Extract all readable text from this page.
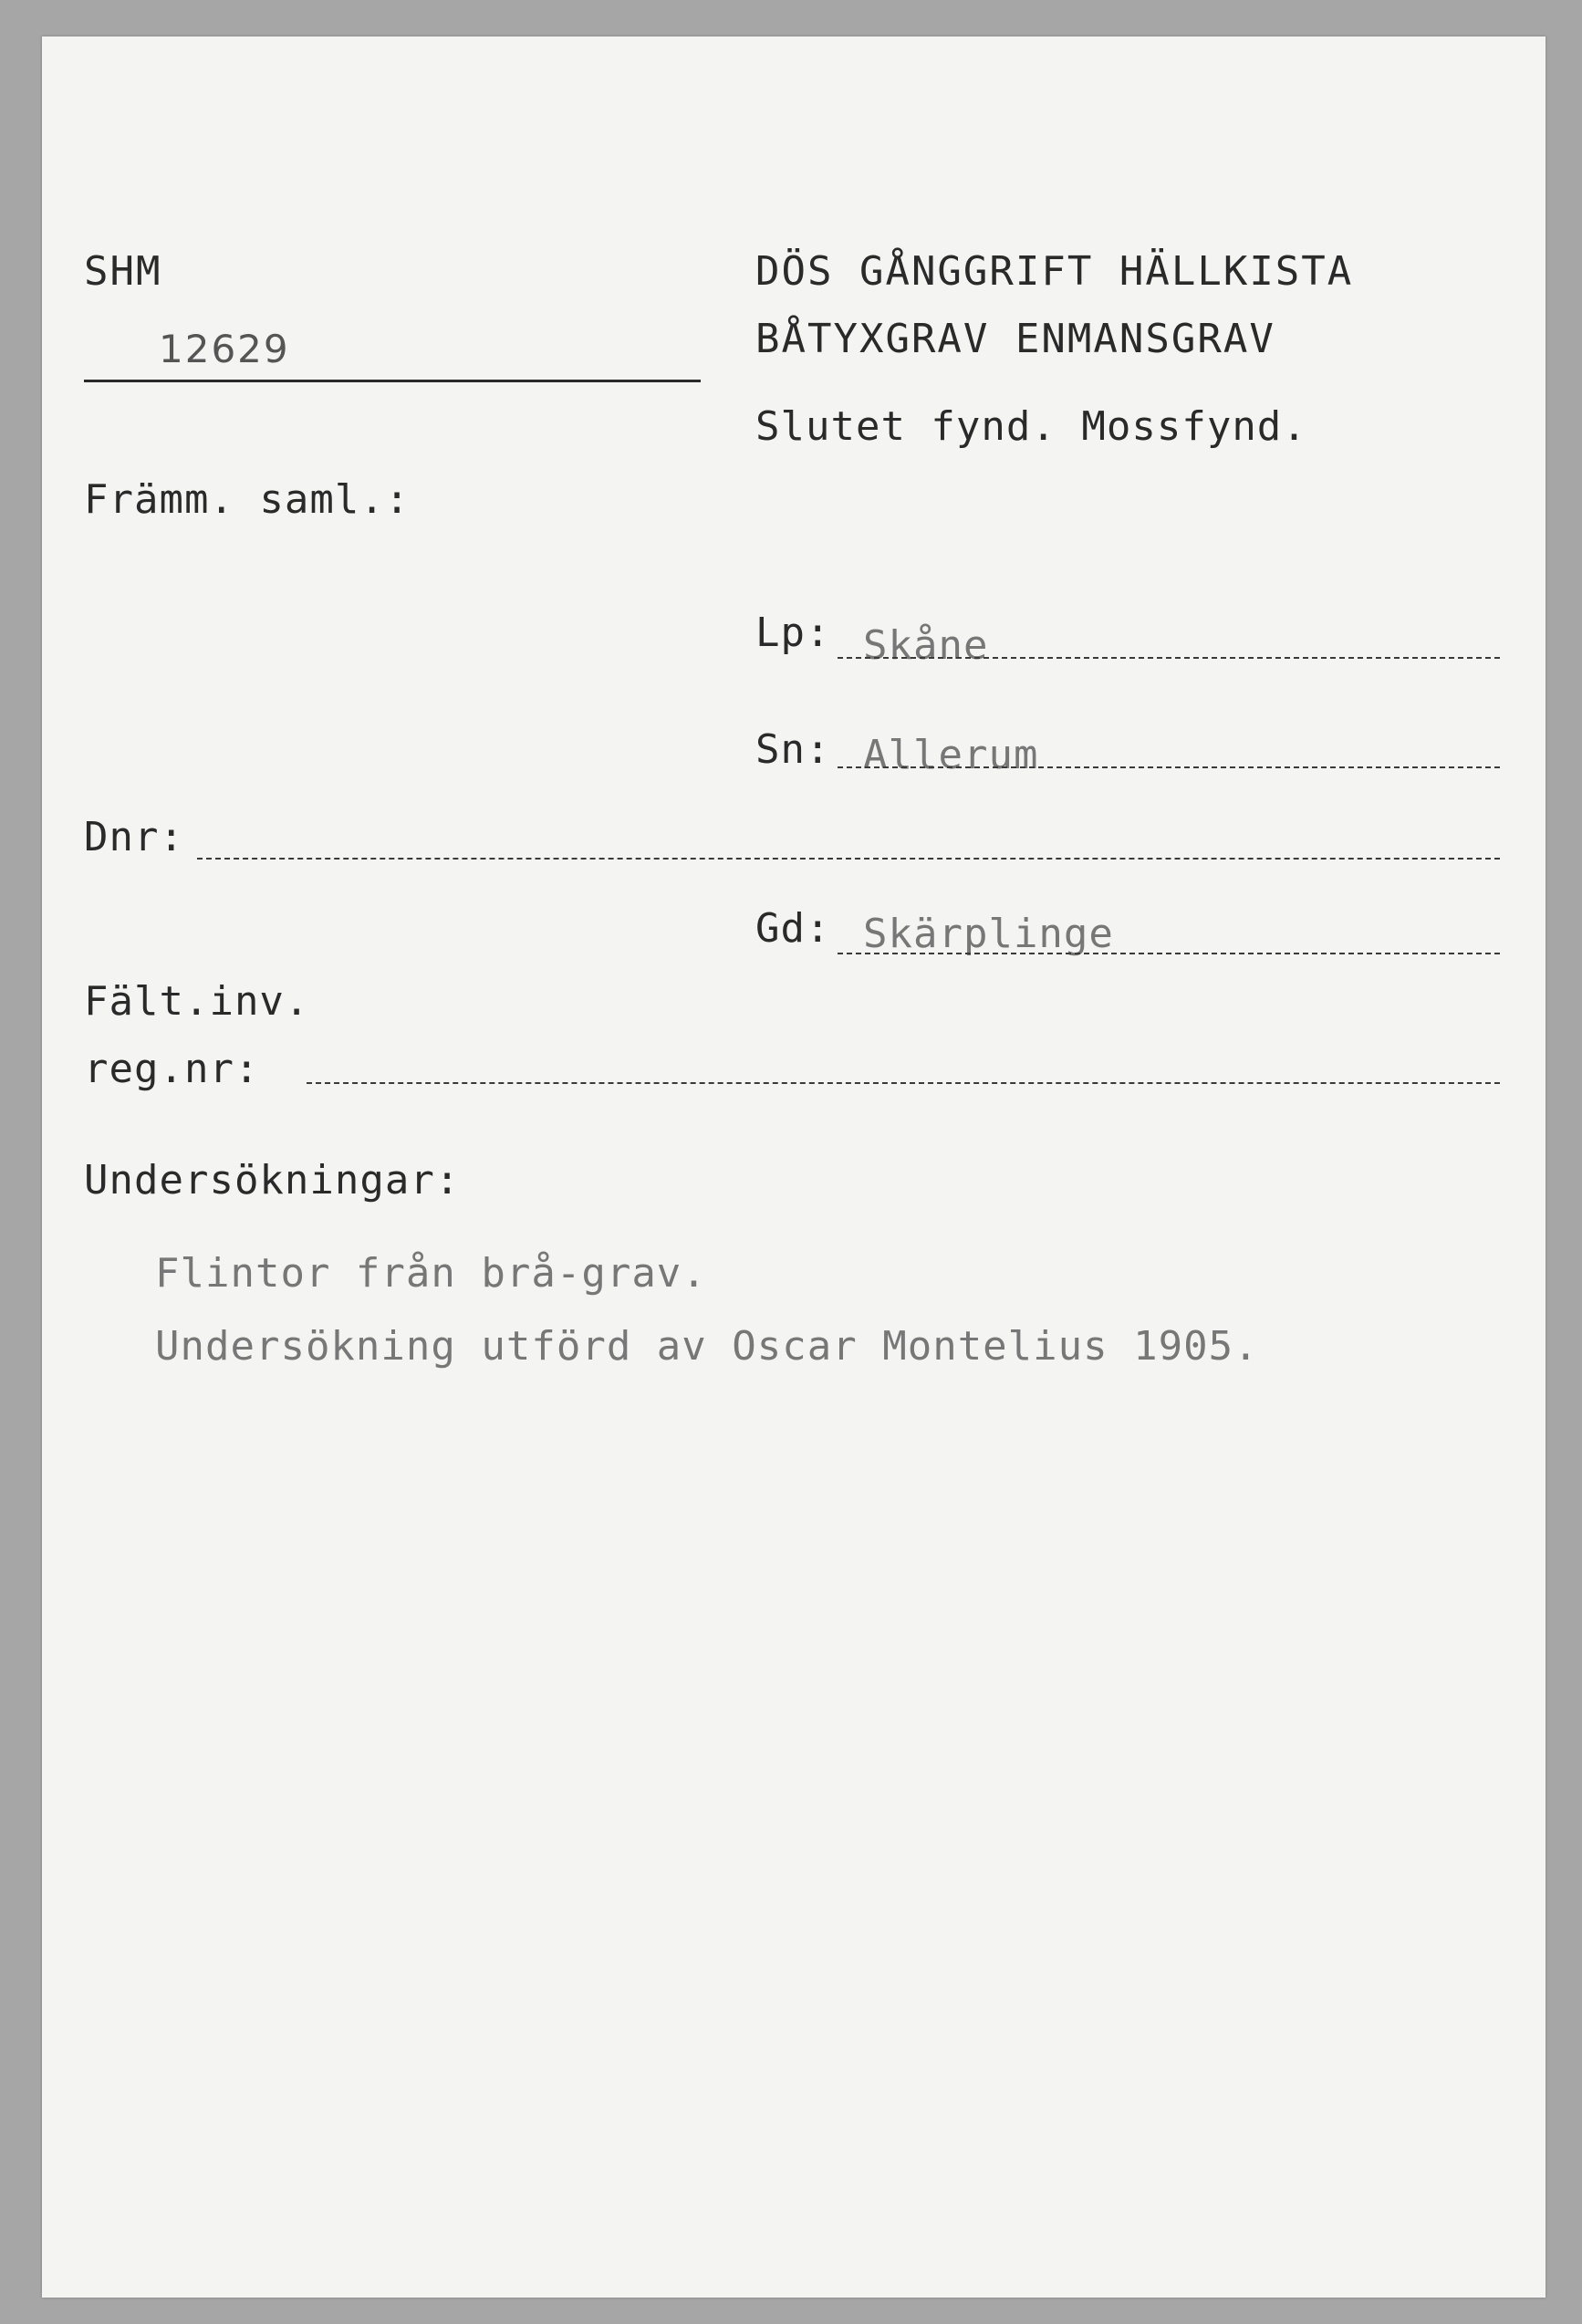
SHM
12629
Främm. saml.:
DÖS GÅNGGRIFT HÄLLKISTA
BÅTYXGRAV ENMANSGRAV
Slutet fynd. Mossfynd.
Lp: Skåne
Sn: Allerum
Dnr:
Gd: Skärplinge
Fält.inv.
reg.nr:
Undersökningar:
Flintor från brå-grav.
Undersökning utförd av Oscar Montelius 1905.
